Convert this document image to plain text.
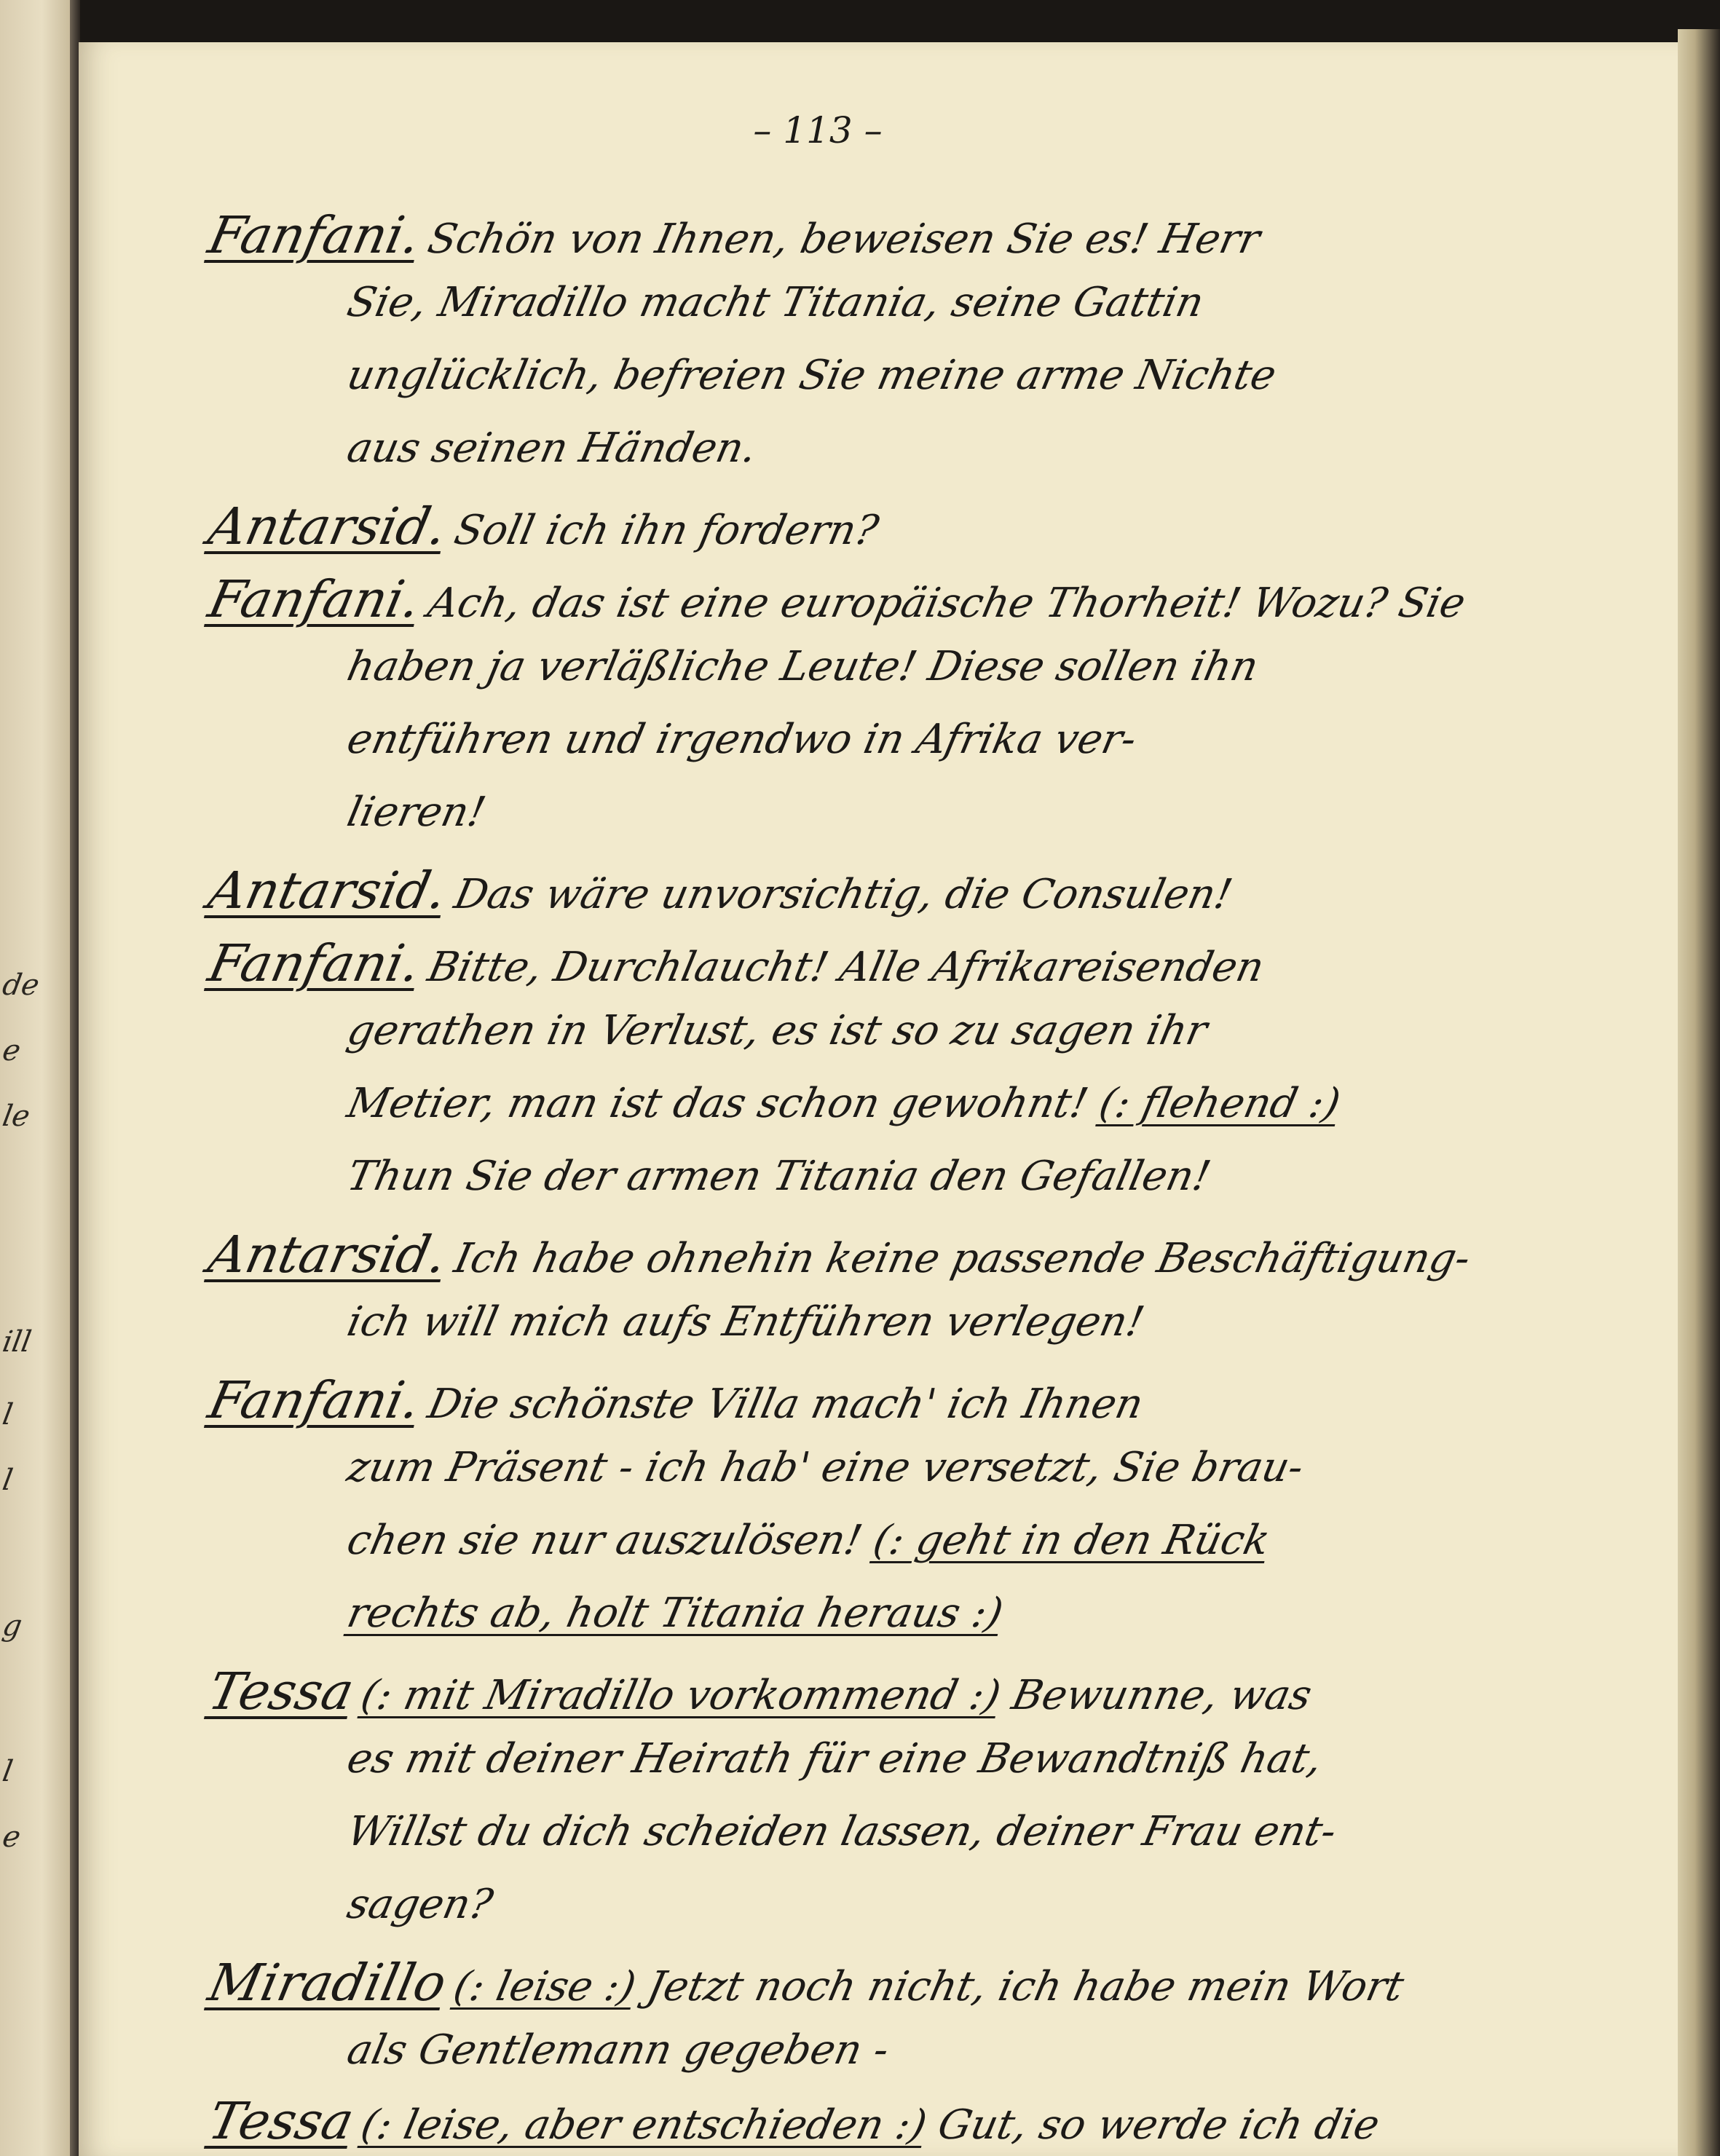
de
e
le
ill
l
l
g
l
e
– 113 –
Fanfani.Schön von Ihnen, beweisen Sie es! Herr
Sie, Miradillo macht Titania, seine Gattin
unglücklich, befreien Sie meine arme Nichte
aus seinen Händen.
Antarsid.Soll ich ihn fordern?
Fanfani.Ach, das ist eine europäische Thorheit! Wozu? Sie
haben ja verläßliche Leute! Diese sollen ihn
entführen und irgendwo in Afrika ver-
lieren!
Antarsid.Das wäre unvorsichtig, die Consulen!
Fanfani.Bitte, Durchlaucht! Alle Afrikareisenden
gerathen in Verlust, es ist so zu sagen ihr
Metier, man ist das schon gewohnt! (: flehend :)
Thun Sie der armen Titania den Gefallen!
Antarsid.Ich habe ohnehin keine passende Beschäftigung-
ich will mich aufs Entführen verlegen!
Fanfani.Die schönste Villa mach' ich Ihnen
zum Präsent - ich hab' eine versetzt, Sie brau-
chen sie nur auszulösen! (: geht in den Rück
rechts ab, holt Titania heraus :)
Tessa(: mit Miradillo vorkommend :) Bewunne, was
es mit deiner Heirath für eine Bewandtniß hat,
Willst du dich scheiden lassen, deiner Frau ent-
sagen?
Miradillo(: leise :) Jetzt noch nicht, ich habe mein Wort
als Gentlemann gegeben -
Tessa(: leise, aber entschieden :) Gut, so werde ich die
